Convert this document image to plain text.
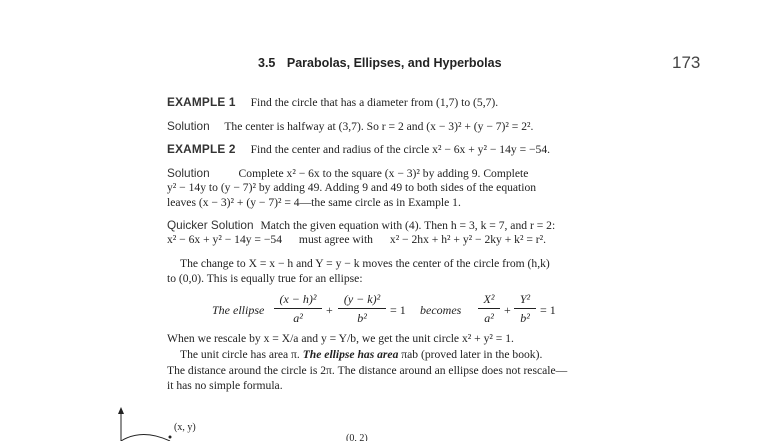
3.5 Parabolas, Ellipses, and Hyperbolas	173
EXAMPLE 1 Find the circle that has a diameter from (1,7) to (5,7).
Solution The center is halfway at (3,7). So r = 2 and (x − 3)² + (y − 7)² = 2².
EXAMPLE 2 Find the center and radius of the circle x² − 6x + y² − 14y = −54.
Solution Complete x² − 6x to the square (x − 3)² by adding 9. Complete
y² − 14y to (y − 7)² by adding 49. Adding 9 and 49 to both sides of the equation
leaves (x − 3)² + (y − 7)² = 4—the same circle as in Example 1.
Quicker Solution Match the given equation with (4). Then h = 3, k = 7, and r = 2:
x² − 6x + y² − 14y = −54 must agree with x² − 2hx + h² + y² − 2ky + k² = r².
The change to X = x − h and Y = y − k moves the center of the circle from (h,k)
to (0,0). This is equally true for an ellipse:
The ellipse $\frac{\text{(x − h)²}}{\text{a²}} + \frac{\text{(y − k)²}}{\text{b²}} = 1$ becomes $\frac{\text{X²}}{\text{a²}} + \frac{\text{Y²}}{\text{b²}} = 1$
When we rescale by x = X/a and y = Y/b, we get the unit circle x² + y² = 1.
The unit circle has area π. The ellipse has area πab (proved later in the book).
The distance around the circle is 2π. The distance around an ellipse does not rescale—
it has no simple formula.
(x, y)
(0, 2)
